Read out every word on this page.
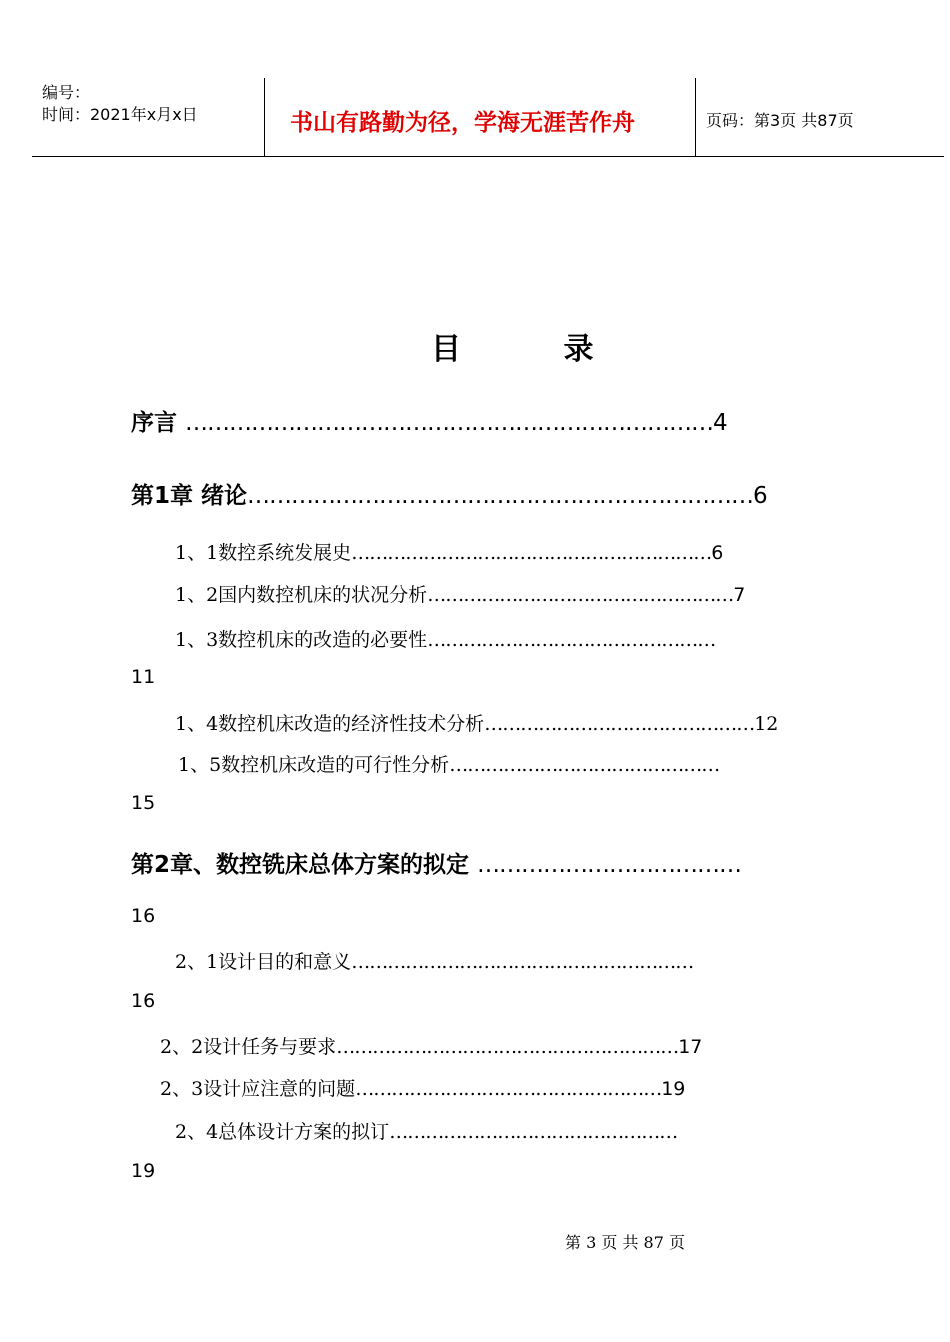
编号：
时间：2021年x月x日	书山有路勤为径，学海无涯苦作舟	页码：第3页 共87页
目 录
序言 ………………………………………………………………4
第1章 绪论……………………………………………………………6
1、1数控系统发展史……………………………………………………6
1、2国内数控机床的状况分析……………………………………………7
1、3数控机床的改造的必要性…………………………………………
11
1、4数控机床改造的经济性技术分析………………………………………12
1、5数控机床改造的可行性分析………………………………………
15
第2章、数控铣床总体方案的拟定 ………………………………
16
2、1设计目的和意义…………………………………………………
16
2、2设计任务与要求…………………………………………………17
2、3设计应注意的问题……………………………………………19
2、4总体设计方案的拟订…………………………………………
19
第 3 页 共 87 页
